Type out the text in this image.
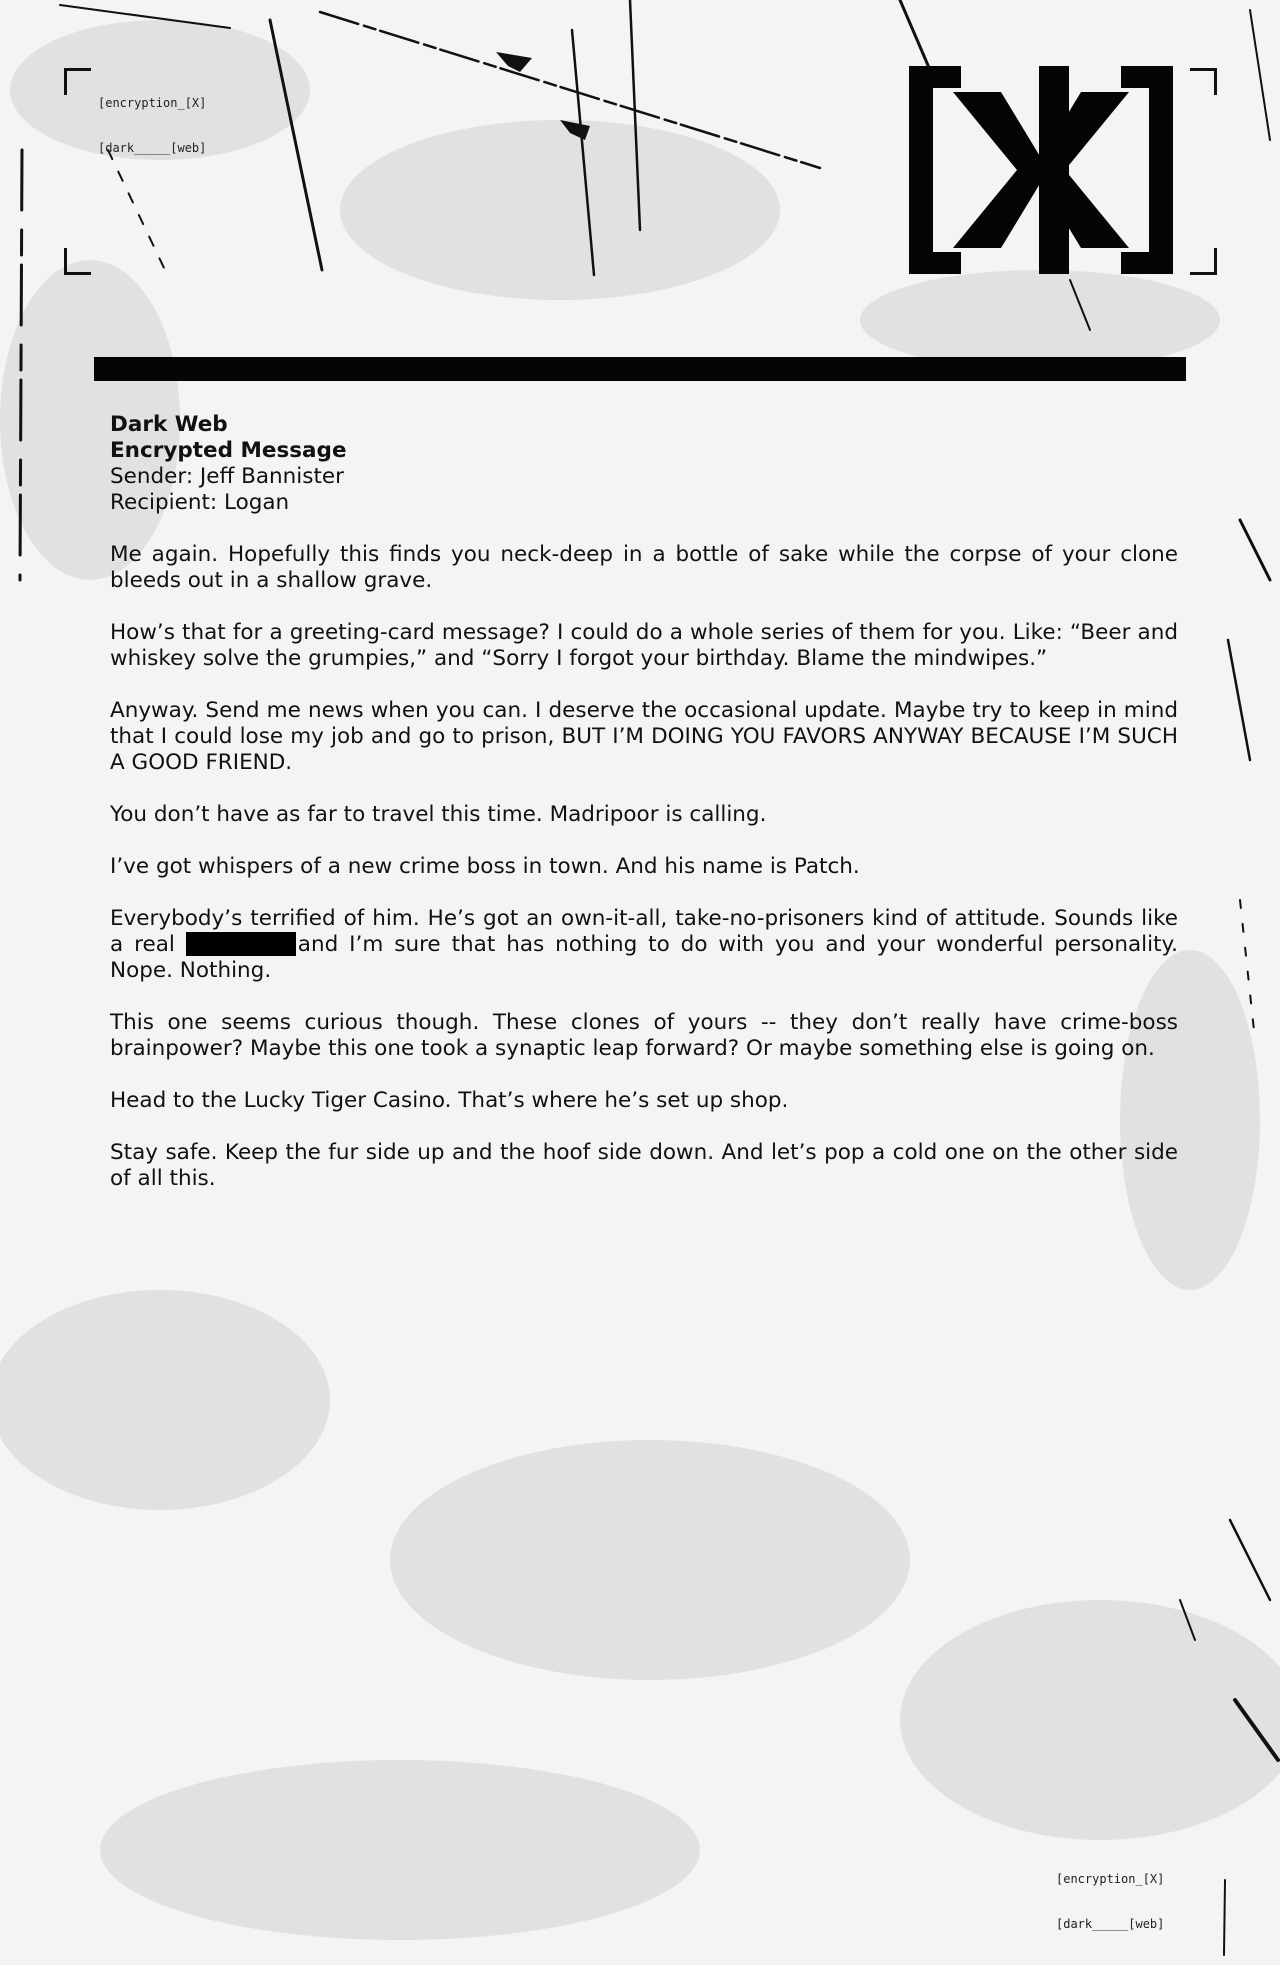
[encryption_[X]

[dark_____[web]

Dark Web
Encrypted Message
Sender: Jeff Bannister
Recipient: Logan

Me again. Hopefully this finds you neck-deep in a bottle of sake while the corpse of your clone bleeds out in a shallow grave.

How’s that for a greeting-card message? I could do a whole series of them for you. Like: “Beer and whiskey solve the grumpies,” and “Sorry I forgot your birthday. Blame the mindwipes.”

Anyway. Send me news when you can. I deserve the occasional update. Maybe try to keep in mind that I could lose my job and go to prison, BUT I’M DOING YOU FAVORS ANYWAY BECAUSE I’M SUCH A GOOD FRIEND.

You don’t have as far to travel this time. Madripoor is calling.

I’ve got whispers of a new crime boss in town. And his name is Patch.

Everybody’s terrified of him. He’s got an own-it-all, take-no-prisoners kind of attitude. Sounds like a real	and I’m sure that has nothing to do with you and your wonderful personality. Nope. Nothing.

This one seems curious though. These clones of yours -- they don’t really have crime-boss brainpower? Maybe this one took a synaptic leap forward? Or maybe something else is going on.

Head to the Lucky Tiger Casino. That’s where he’s set up shop.

Stay safe. Keep the fur side up and the hoof side down. And let’s pop a cold one on the other side of all this.

[encryption_[X]

[dark_____[web]
